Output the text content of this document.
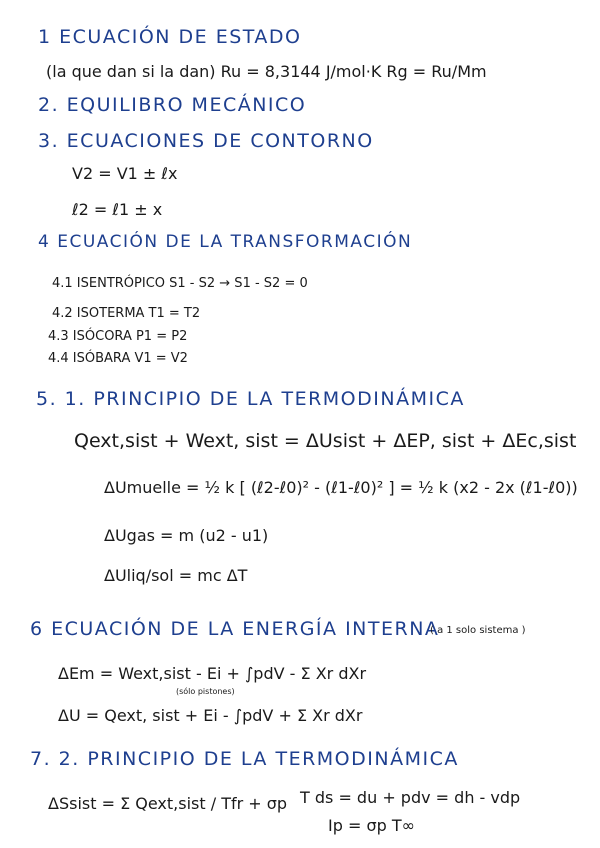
1 ECUACIÓN DE ESTADO
(la que dan si la dan) Ru = 8,3144 J/mol·K Rg = Ru/Mm
2. EQUILIBRO MECÁNICO
3. ECUACIONES DE CONTORNO
V2 = V1 ± ℓx
ℓ2 = ℓ1 ± x
4 ECUACIÓN DE LA TRANSFORMACIÓN
4.1 ISENTRÓPICO S1 - S2 → S1 - S2 = 0
4.2 ISOTERMA T1 = T2
4.3 ISÓCORA P1 = P2
4.4 ISÓBARA V1 = V2
5. 1. PRINCIPIO DE LA TERMODINÁMICA
Qext,sist + Wext, sist = ΔUsist + ΔEP, sist + ΔEc,sist
ΔUmuelle = ½ k [ (ℓ2-ℓ0)² - (ℓ1-ℓ0)² ] = ½ k (x2 - 2x (ℓ1-ℓ0))
ΔUgas = m (u2 - u1)
ΔUliq/sol = mc ΔT
6 ECUACIÓN DE LA ENERGÍA INTERNA
( a 1 solo sistema )
ΔEm = Wext,sist - Ei + ∫pdV - Σ Xr dXr
(sólo pistones)
ΔU = Qext, sist + Ei - ∫pdV + Σ Xr dXr
7. 2. PRINCIPIO DE LA TERMODINÁMICA
ΔSsist = Σ Qext,sist / Tfr + σp T ds = du + pdv = dh - vdp
Ip = σp T∞
